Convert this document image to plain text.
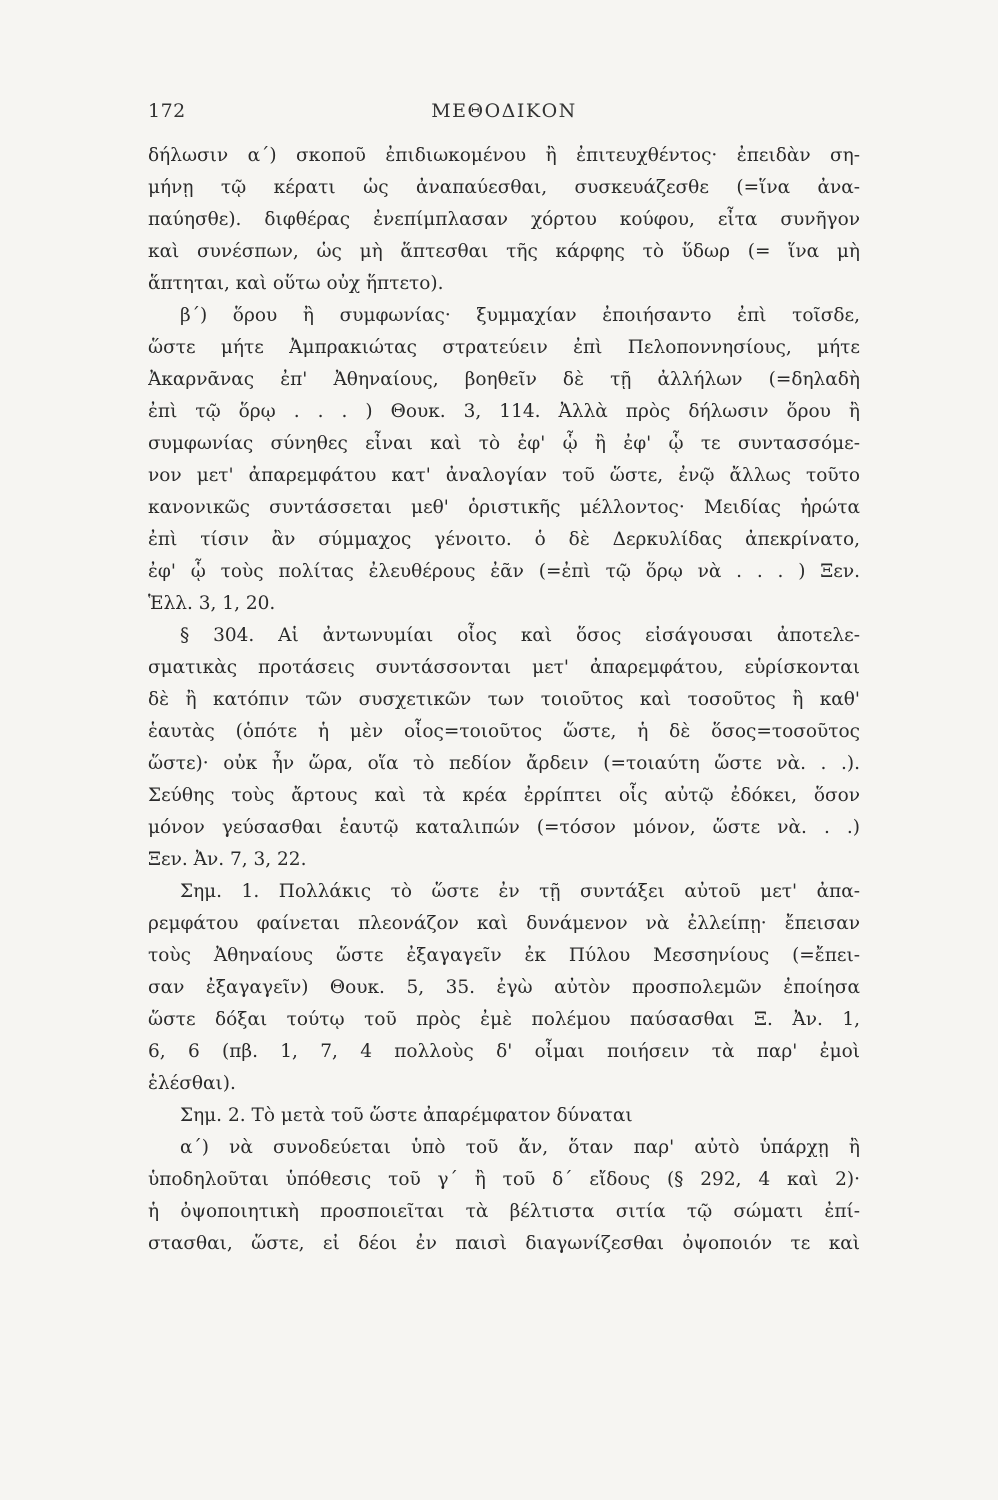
172	ΜΕΘΟΔΙΚΟΝ
δήλωσιν α΄) σκοποῦ ἐπιδιωκομένου ἢ ἐπιτευχθέντος· ἐπειδὰν ση-
μήνῃ τῷ κέρατι ὡς ἀναπαύεσθαι, συσκευάζεσθε (=ἵνα ἀνα-
παύησθε). διφθέρας ἐνεπίμπλασαν χόρτου κούφου, εἶτα συνῆγον
καὶ συνέσπων, ὡς μὴ ἅπτεσθαι τῆς κάρφης τὸ ὕδωρ (= ἵνα μὴ
ἅπτηται, καὶ οὕτω οὐχ ἥπτετο).
β΄) ὅρου ἢ συμφωνίας· ξυμμαχίαν ἐποιήσαντο ἐπὶ τοῖσδε,
ὥστε μήτε Ἀμπρακιώτας στρατεύειν ἐπὶ Πελοποννησίους, μήτε
Ἀκαρνᾶνας ἐπ' Ἀθηναίους, βοηθεῖν δὲ τῇ ἀλλήλων (=δηλαδὴ
ἐπὶ τῷ ὅρῳ . . . ) Θουκ. 3, 114. Ἀλλὰ πρὸς δήλωσιν ὅρου ἢ
συμφωνίας σύνηθες εἶναι καὶ τὸ ἐφ' ᾧ ἢ ἐφ' ᾧ τε συντασσόμε-
νον μετ' ἀπαρεμφάτου κατ' ἀναλογίαν τοῦ ὥστε, ἐνῷ ἄλλως τοῦτο
κανονικῶς συντάσσεται μεθ' ὁριστικῆς μέλλοντος· Μειδίας ἠρώτα
ἐπὶ τίσιν ἂν σύμμαχος γένοιτο. ὁ δὲ Δερκυλίδας ἀπεκρίνατο,
ἐφ' ᾧ τοὺς πολίτας ἐλευθέρους ἐᾶν (=ἐπὶ τῷ ὅρῳ νὰ . . . ) Ξεν.
Ἑλλ. 3, 1, 20.
§ 304. Αἱ ἀντωνυμίαι οἷος καὶ ὅσος εἰσάγουσαι ἀποτελε-
σματικὰς προτάσεις συντάσσονται μετ' ἀπαρεμφάτου, εὑρίσκονται
δὲ ἢ κατόπιν τῶν συσχετικῶν των τοιοῦτος καὶ τοσοῦτος ἢ καθ'
ἑαυτὰς (ὁπότε ἡ μὲν οἷος=τοιοῦτος ὥστε, ἡ δὲ ὅσος=τοσοῦτος
ὥστε)· οὐκ ἦν ὥρα, οἵα τὸ πεδίον ἄρδειν (=τοιαύτη ὥστε νὰ. . .).
Σεύθης τοὺς ἄρτους καὶ τὰ κρέα ἐρρίπτει οἷς αὐτῷ ἐδόκει, ὅσον
μόνον γεύσασθαι ἑαυτῷ καταλιπών (=τόσον μόνον, ὥστε νὰ. . .)
Ξεν. Ἀν. 7, 3, 22.
Σημ. 1. Πολλάκις τὸ ὥστε ἐν τῇ συντάξει αὐτοῦ μετ' ἀπα-
ρεμφάτου φαίνεται πλεονάζον καὶ δυνάμενον νὰ ἐλλείπῃ· ἔπεισαν
τοὺς Ἀθηναίους ὥστε ἐξαγαγεῖν ἐκ Πύλου Μεσσηνίους (=ἔπει-
σαν ἐξαγαγεῖν) Θουκ. 5, 35. ἐγὼ αὐτὸν προσπολεμῶν ἐποίησα
ὥστε δόξαι τούτῳ τοῦ πρὸς ἐμὲ πολέμου παύσασθαι Ξ. Ἀν. 1,
6, 6 (πβ. 1, 7, 4 πολλοὺς δ' οἶμαι ποιήσειν τὰ παρ' ἐμοὶ
ἑλέσθαι).
Σημ. 2. Τὸ μετὰ τοῦ ὥστε ἀπαρέμφατον δύναται
α΄) νὰ συνοδεύεται ὑπὸ τοῦ ἄν, ὅταν παρ' αὐτὸ ὑπάρχῃ ἢ
ὑποδηλοῦται ὑπόθεσις τοῦ γ΄ ἢ τοῦ δ΄ εἴδους (§ 292, 4 καὶ 2)·
ἡ ὀψοποιητικὴ προσποιεῖται τὰ βέλτιστα σιτία τῷ σώματι ἐπί-
στασθαι, ὥστε, εἰ δέοι ἐν παισὶ διαγωνίζεσθαι ὀψοποιόν τε καὶ
